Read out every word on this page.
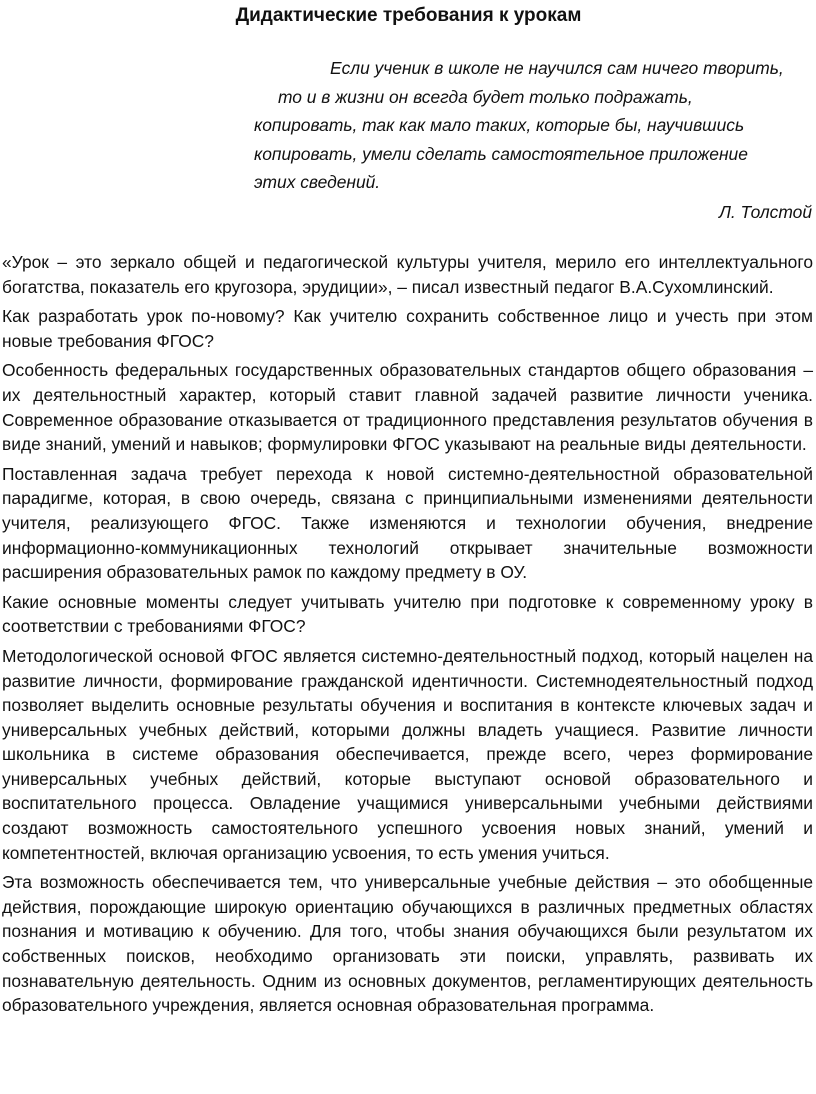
Дидактические требования к урокам
Если ученик в школе не научился сам ничего творить,
то и в жизни он всегда будет только подражать,
копировать, так как мало таких, которые бы, научившись
копировать, умели сделать самостоятельное приложение
этих сведений.
Л. Толстой

«Урок – это зеркало общей и педагогической культуры учителя, мерило его интеллектуального богатства, показатель его кругозора, эрудиции», – писал известный педагог В.А.Сухомлинский.

Как разработать урок по-новому? Как учителю сохранить собственное лицо и учесть при этом новые требования ФГОС?

Особенность федеральных государственных образовательных стандартов общего образования – их деятельностный характер, который ставит главной задачей развитие личности ученика. Современное образование отказывается от традиционного представления результатов обучения в виде знаний, умений и навыков; формулировки ФГОС указывают на реальные виды деятельности.

Поставленная задача требует перехода к новой системно-деятельностной образовательной парадигме, которая, в свою очередь, связана с принципиальными изменениями деятельности учителя, реализующего ФГОС. Также изменяются и технологии обучения, внедрение информационно-коммуникационных технологий открывает значительные возможности расширения образовательных рамок по каждому предмету в ОУ.

Какие основные моменты следует учитывать учителю при подготовке к современному уроку в соответствии с требованиями ФГОС?

Методологической основой ФГОС является системно-деятельностный подход, который нацелен на развитие личности, формирование гражданской идентичности. Системнодеятельностный подход позволяет выделить основные результаты обучения и воспитания в контексте ключевых задач и универсальных учебных действий, которыми должны владеть учащиеся. Развитие личности школьника в системе образования обеспечивается, прежде всего, через формирование универсальных учебных действий, которые выступают основой образовательного и воспитательного процесса. Овладение учащимися универсальными учебными действиями создают возможность самостоятельного успешного усвоения новых знаний, умений и компетентностей, включая организацию усвоения, то есть умения учиться.

Эта возможность обеспечивается тем, что универсальные учебные действия – это обобщенные действия, порождающие широкую ориентацию обучающихся в различных предметных областях познания и мотивацию к обучению. Для того, чтобы знания обучающихся были результатом их собственных поисков, необходимо организовать эти поиски, управлять, развивать их познавательную деятельность. Одним из основных документов, регламентирующих деятельность образовательного учреждения, является основная образовательная программа.
